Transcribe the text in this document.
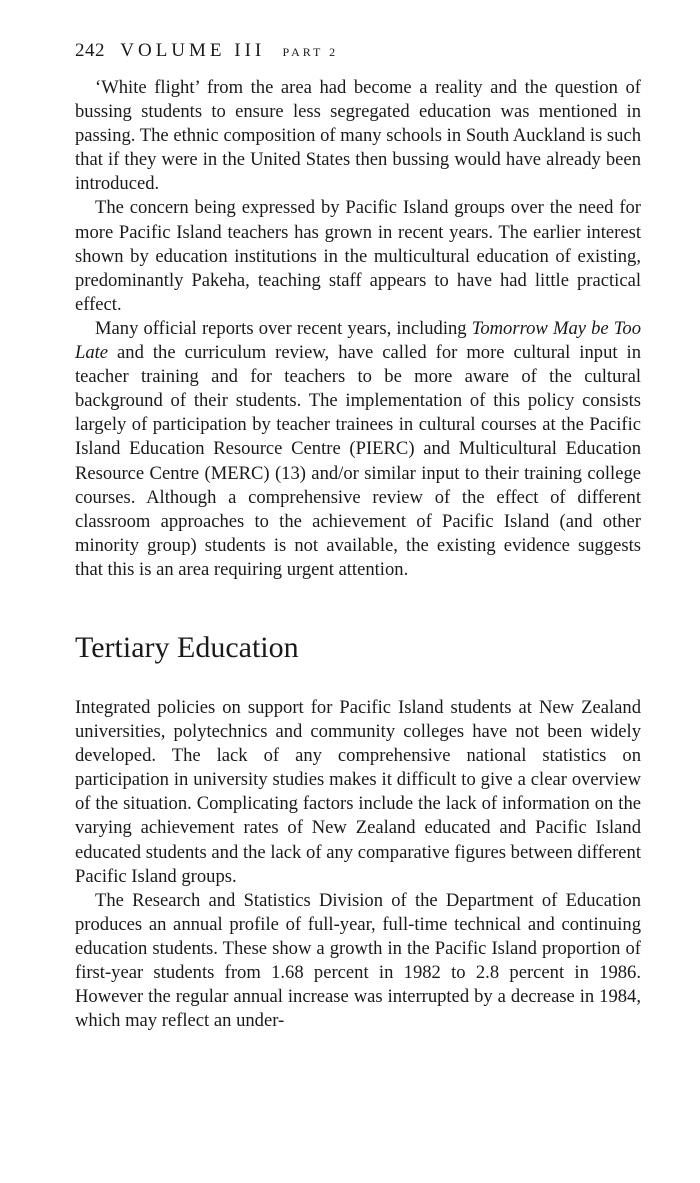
242 VOLUME III PART 2

‘White flight’ from the area had become a reality and the question of bussing students to ensure less segregated education was mentioned in passing. The ethnic composition of many schools in South Auckland is such that if they were in the United States then bussing would have already been introduced.

The concern being expressed by Pacific Island groups over the need for more Pacific Island teachers has grown in recent years. The earlier interest shown by education institutions in the multicultural education of existing, predominantly Pakeha, teaching staff appears to have had little practical effect.

Many official reports over recent years, including Tomorrow May be Too Late and the curriculum review, have called for more cultural input in teacher training and for teachers to be more aware of the cultural background of their students. The implementation of this policy consists largely of participation by teacher trainees in cultural courses at the Pacific Island Education Resource Centre (PIERC) and Multicultural Education Resource Centre (MERC) (13) and/or similar input to their training college courses. Although a comprehensive review of the effect of different classroom approaches to the achievement of Pacific Island (and other minority group) students is not available, the existing evidence suggests that this is an area requiring urgent attention.

Tertiary Education

Integrated policies on support for Pacific Island students at New Zealand universities, polytechnics and community colleges have not been widely developed. The lack of any comprehensive national statistics on participation in university studies makes it difficult to give a clear overview of the situation. Complicating factors include the lack of information on the varying achievement rates of New Zealand educated and Pacific Island educated students and the lack of any comparative figures between different Pacific Island groups.

The Research and Statistics Division of the Department of Education produces an annual profile of full-year, full-time technical and continuing education students. These show a growth in the Pacific Island proportion of first-year students from 1.68 percent in 1982 to 2.8 percent in 1986. However the regular annual increase was interrupted by a decrease in 1984, which may reflect an under-
